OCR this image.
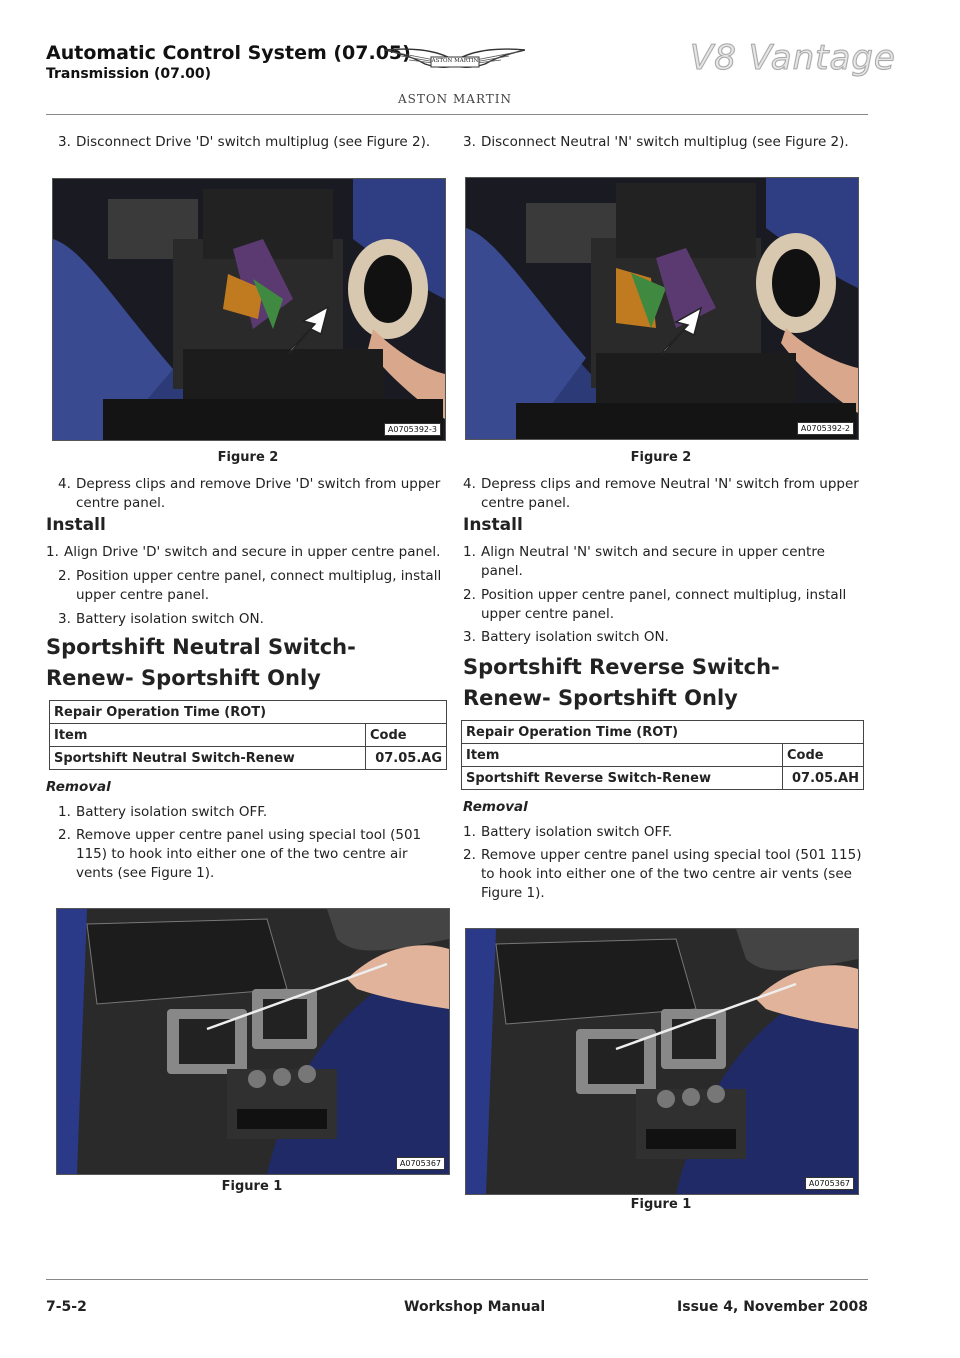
Automatic Control System (07.05)
Transmission (07.00)
ASTON MARTIN
ASTON MARTIN
V8 Vantage
3. Disconnect Drive 'D' switch multiplug (see Figure 2).
A0705392-3
Figure 2
4. Depress clips and remove Drive 'D' switch from upper centre panel.
Install
1. Align Drive 'D' switch and secure in upper centre panel.
2. Position upper centre panel, connect multiplug, install upper centre panel.
3. Battery isolation switch ON.
Sportshift Neutral Switch-Renew- Sportshift Only
Repair Operation Time (ROT)	
Item	Code
Sportshift Neutral Switch-Renew	07.05.AG
Removal
1. Battery isolation switch OFF.
2. Remove upper centre panel using special tool (501 115) to hook into either one of the two centre air vents (see Figure 1).
A0705367
Figure 1
3. Disconnect Neutral 'N' switch multiplug (see Figure 2).
A0705392-2
Figure 2
4. Depress clips and remove Neutral 'N' switch from upper centre panel.
Install
1. Align Neutral 'N' switch and secure in upper centre panel.
2. Position upper centre panel, connect multiplug, install upper centre panel.
3. Battery isolation switch ON.
Sportshift Reverse Switch-Renew- Sportshift Only
Repair Operation Time (ROT)	
Item	Code
Sportshift Reverse Switch-Renew	07.05.AH
Removal
1. Battery isolation switch OFF.
2. Remove upper centre panel using special tool (501 115) to hook into either one of the two centre air vents (see Figure 1).
A0705367
Figure 1
7-5-2	Workshop Manual	Issue 4, November 2008
